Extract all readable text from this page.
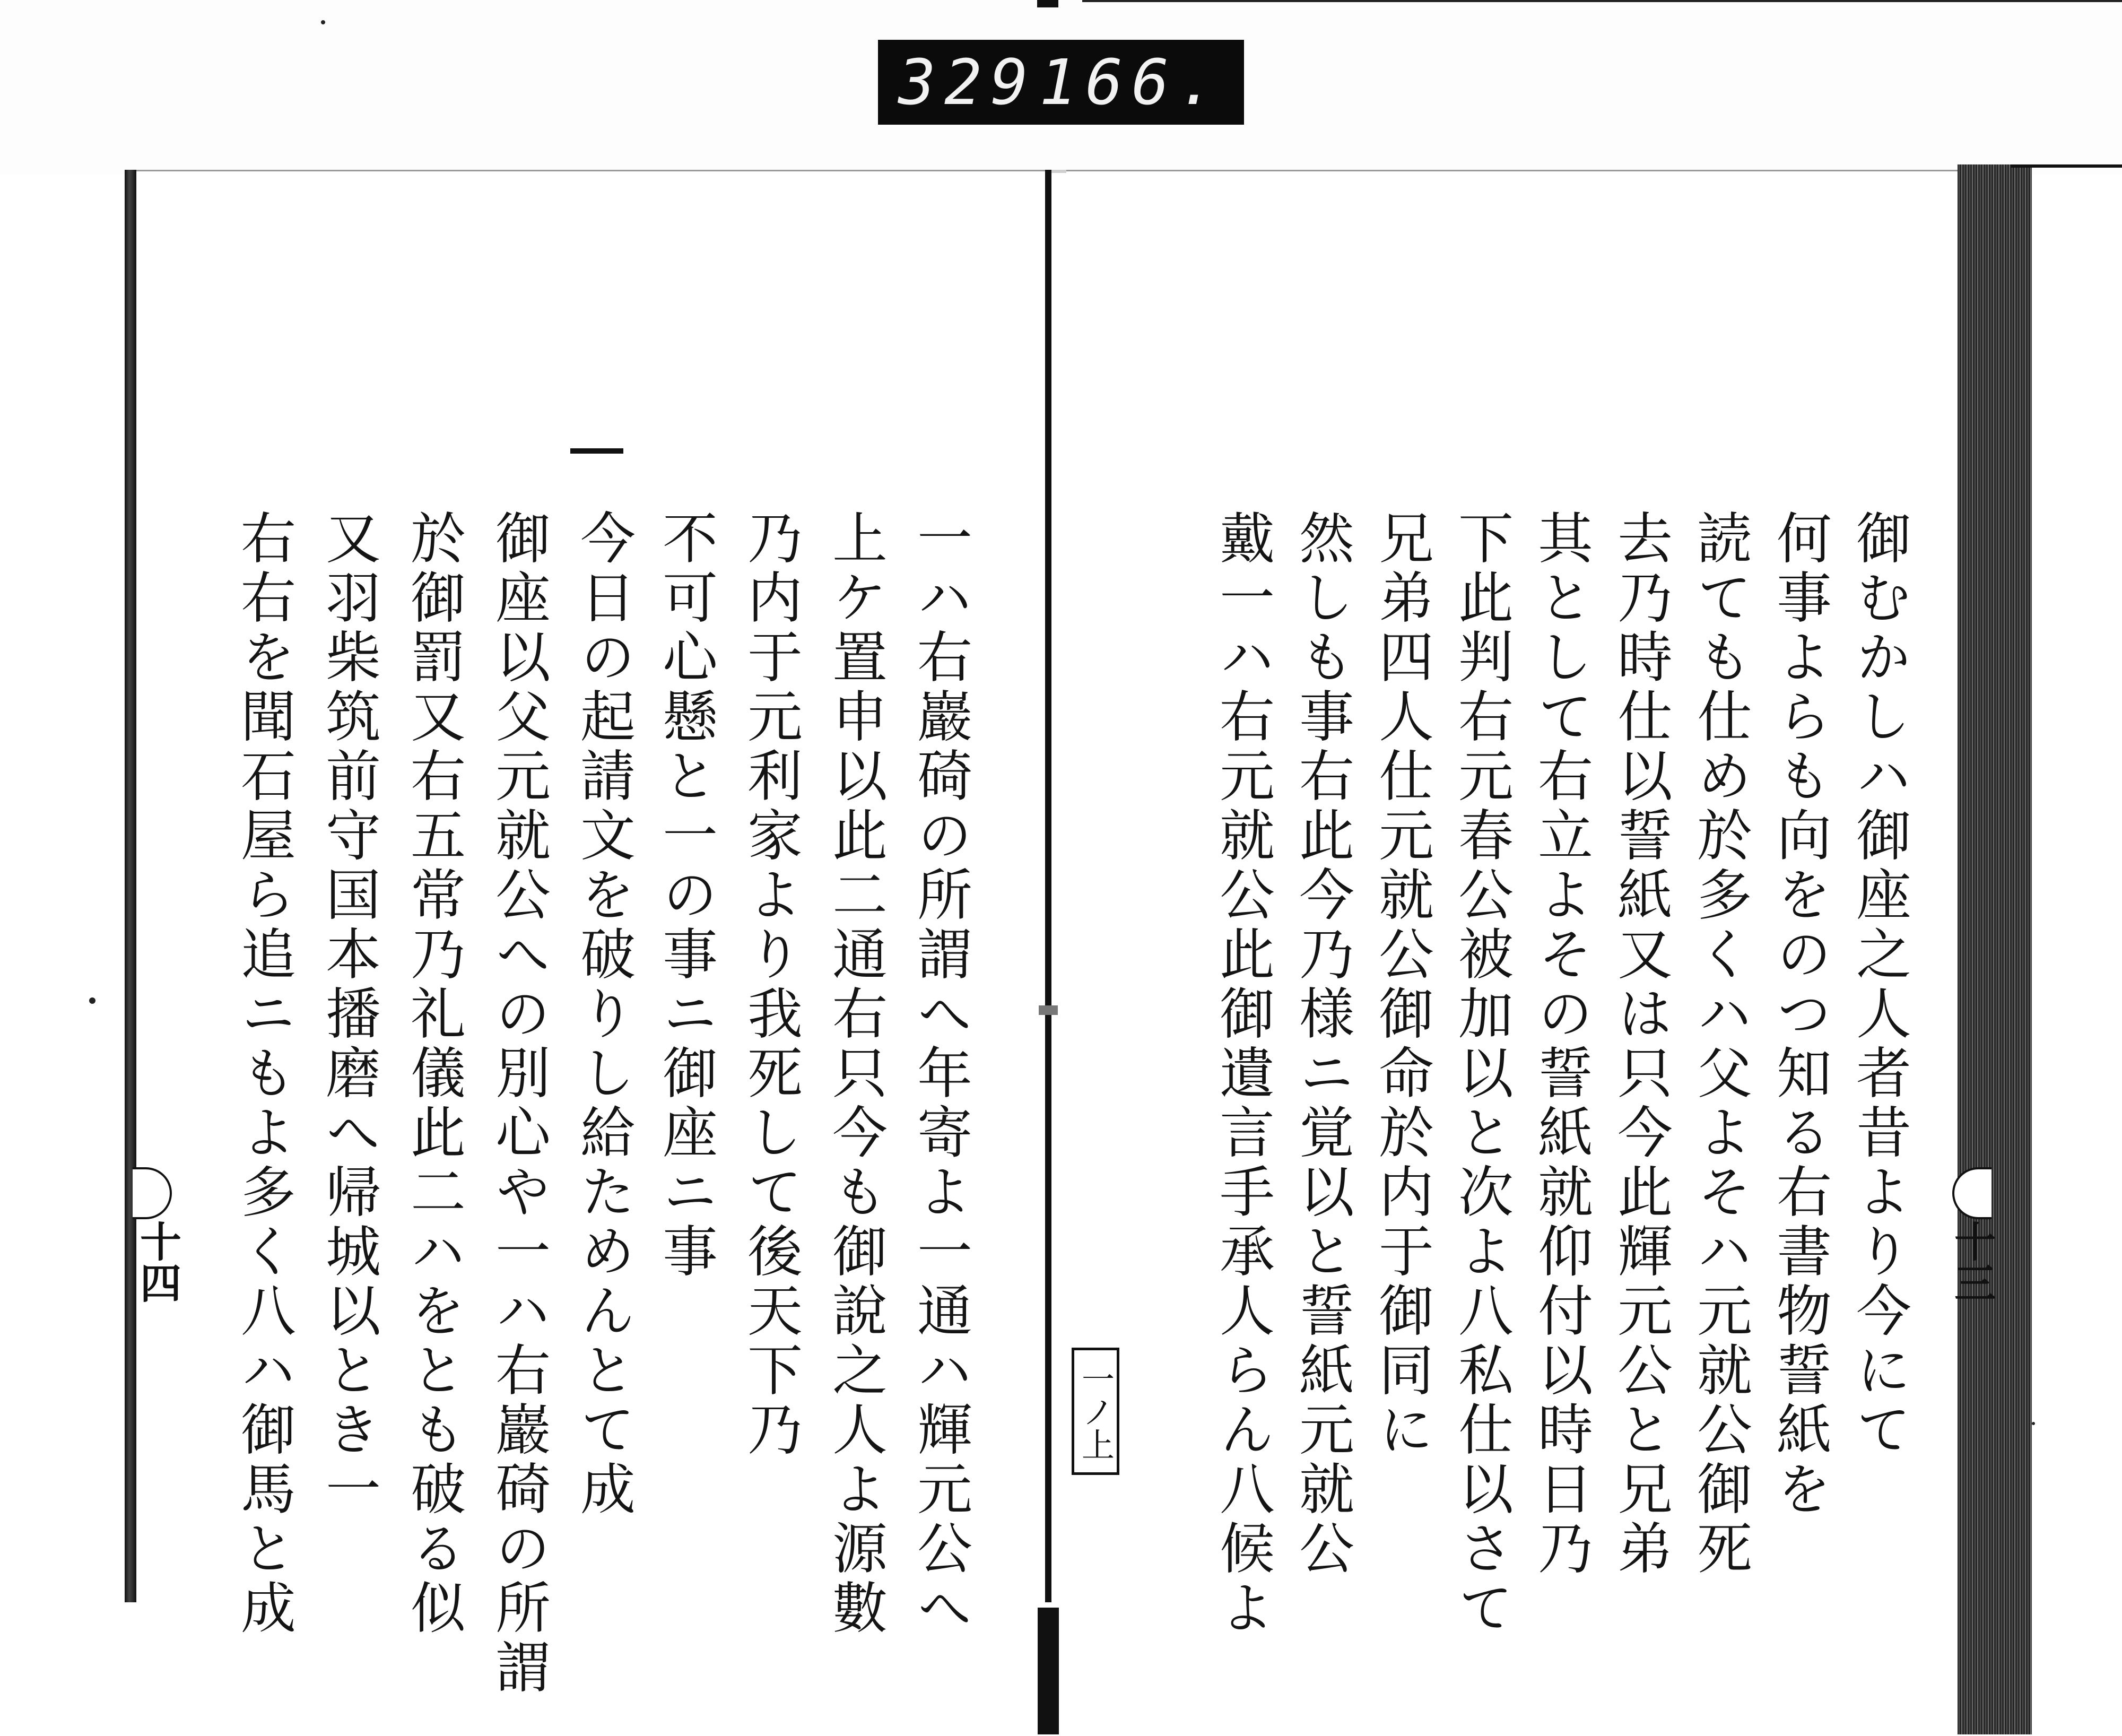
329 166.
十四	十三
御むかしハ御座之人者昔より今にて
何事よらも向をのつ知る右書物誓紙を
読ても仕め於多くハ父よそハ元就公御死
去乃時仕以誓紙又は只今此輝元公と兄弟
其として右立よその誓紙就仰付以時日乃
下此判右元春公被加以と次よ八私仕以さて
兄弟四人仕元就公御命於内于御同に
然しも事右此今乃様ニ覚以と誓紙元就公
戴一ハ右元就公此御遺言手承人らん八候よ
一ノ上
一ハ右巖碕の所謂へ年寄よ一通ハ輝元公へ
上ケ置申以此二通右只今も御說之人よ源數
乃内于元利家より我死して後天下乃
不可心懸と一の事ニ御座ニ事
今日の起請文を破りし給ためんとて成
御座以父元就公への別心や一ハ右巖碕の所謂
於御罰又右五常乃礼儀此二ハをとも破る似
又羽柴筑前守国本播磨へ帰城以とき一
右右を聞石屋ら追ニもよ多く八ハ御馬と成
